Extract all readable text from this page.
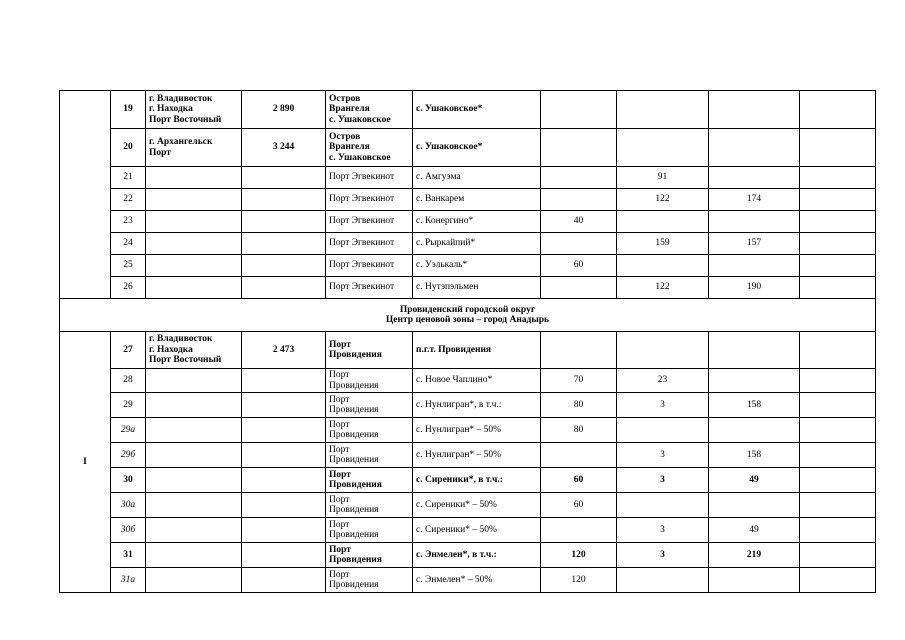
	19	г. Владивосток
г. Находка
Порт Восточный	2 890	Остров
Врангеля
с. Ушаковское	с. Ушаковское*				
	20	г. Архангельск
Порт	3 244	Остров
Врангеля
с. Ушаковское	с. Ушаковское*				
	21			Порт Эгвекинот	с. Амгуэма		91		
	22			Порт Эгвекинот	с. Ванкарем		122	174	
	23			Порт Эгвекинот	с. Конергино*	40			
	24			Порт Эгвекинот	с. Рыркайпий*		159	157	
	25			Порт Эгвекинот	с. Уэлькаль*	60			
	26			Порт Эгвекинот	с. Нутэпэльмен		122	190	

Провиденский городской округ
Центр ценовой зоны – город Анадырь									

I	27	г. Владивосток
г. Находка
Порт Восточный	2 473	Порт
Провидения	п.г.т. Провидения				
	28			Порт
Провидения	с. Новое Чаплино*	70	23		
	29			Порт
Провидения	с. Нунлигран*, в т.ч.:	80	3	158	
	29а			Порт
Провидения	с. Нунлигран* – 50%	80			
	29б			Порт
Провидения	с. Нунлигран* – 50%		3	158	
	30			Порт
Провидения	с. Сиреники*, в т.ч.:	60	3	49	
	30а			Порт
Провидения	с. Сиреники* – 50%	60			
	30б			Порт
Провидения	с. Сиреники* – 50%		3	49	
	31			Порт
Провидения	с. Энмелен*, в т.ч.:	120	3	219	
	31а			Порт
Провидения	с. Энмелен* – 50%	120			
